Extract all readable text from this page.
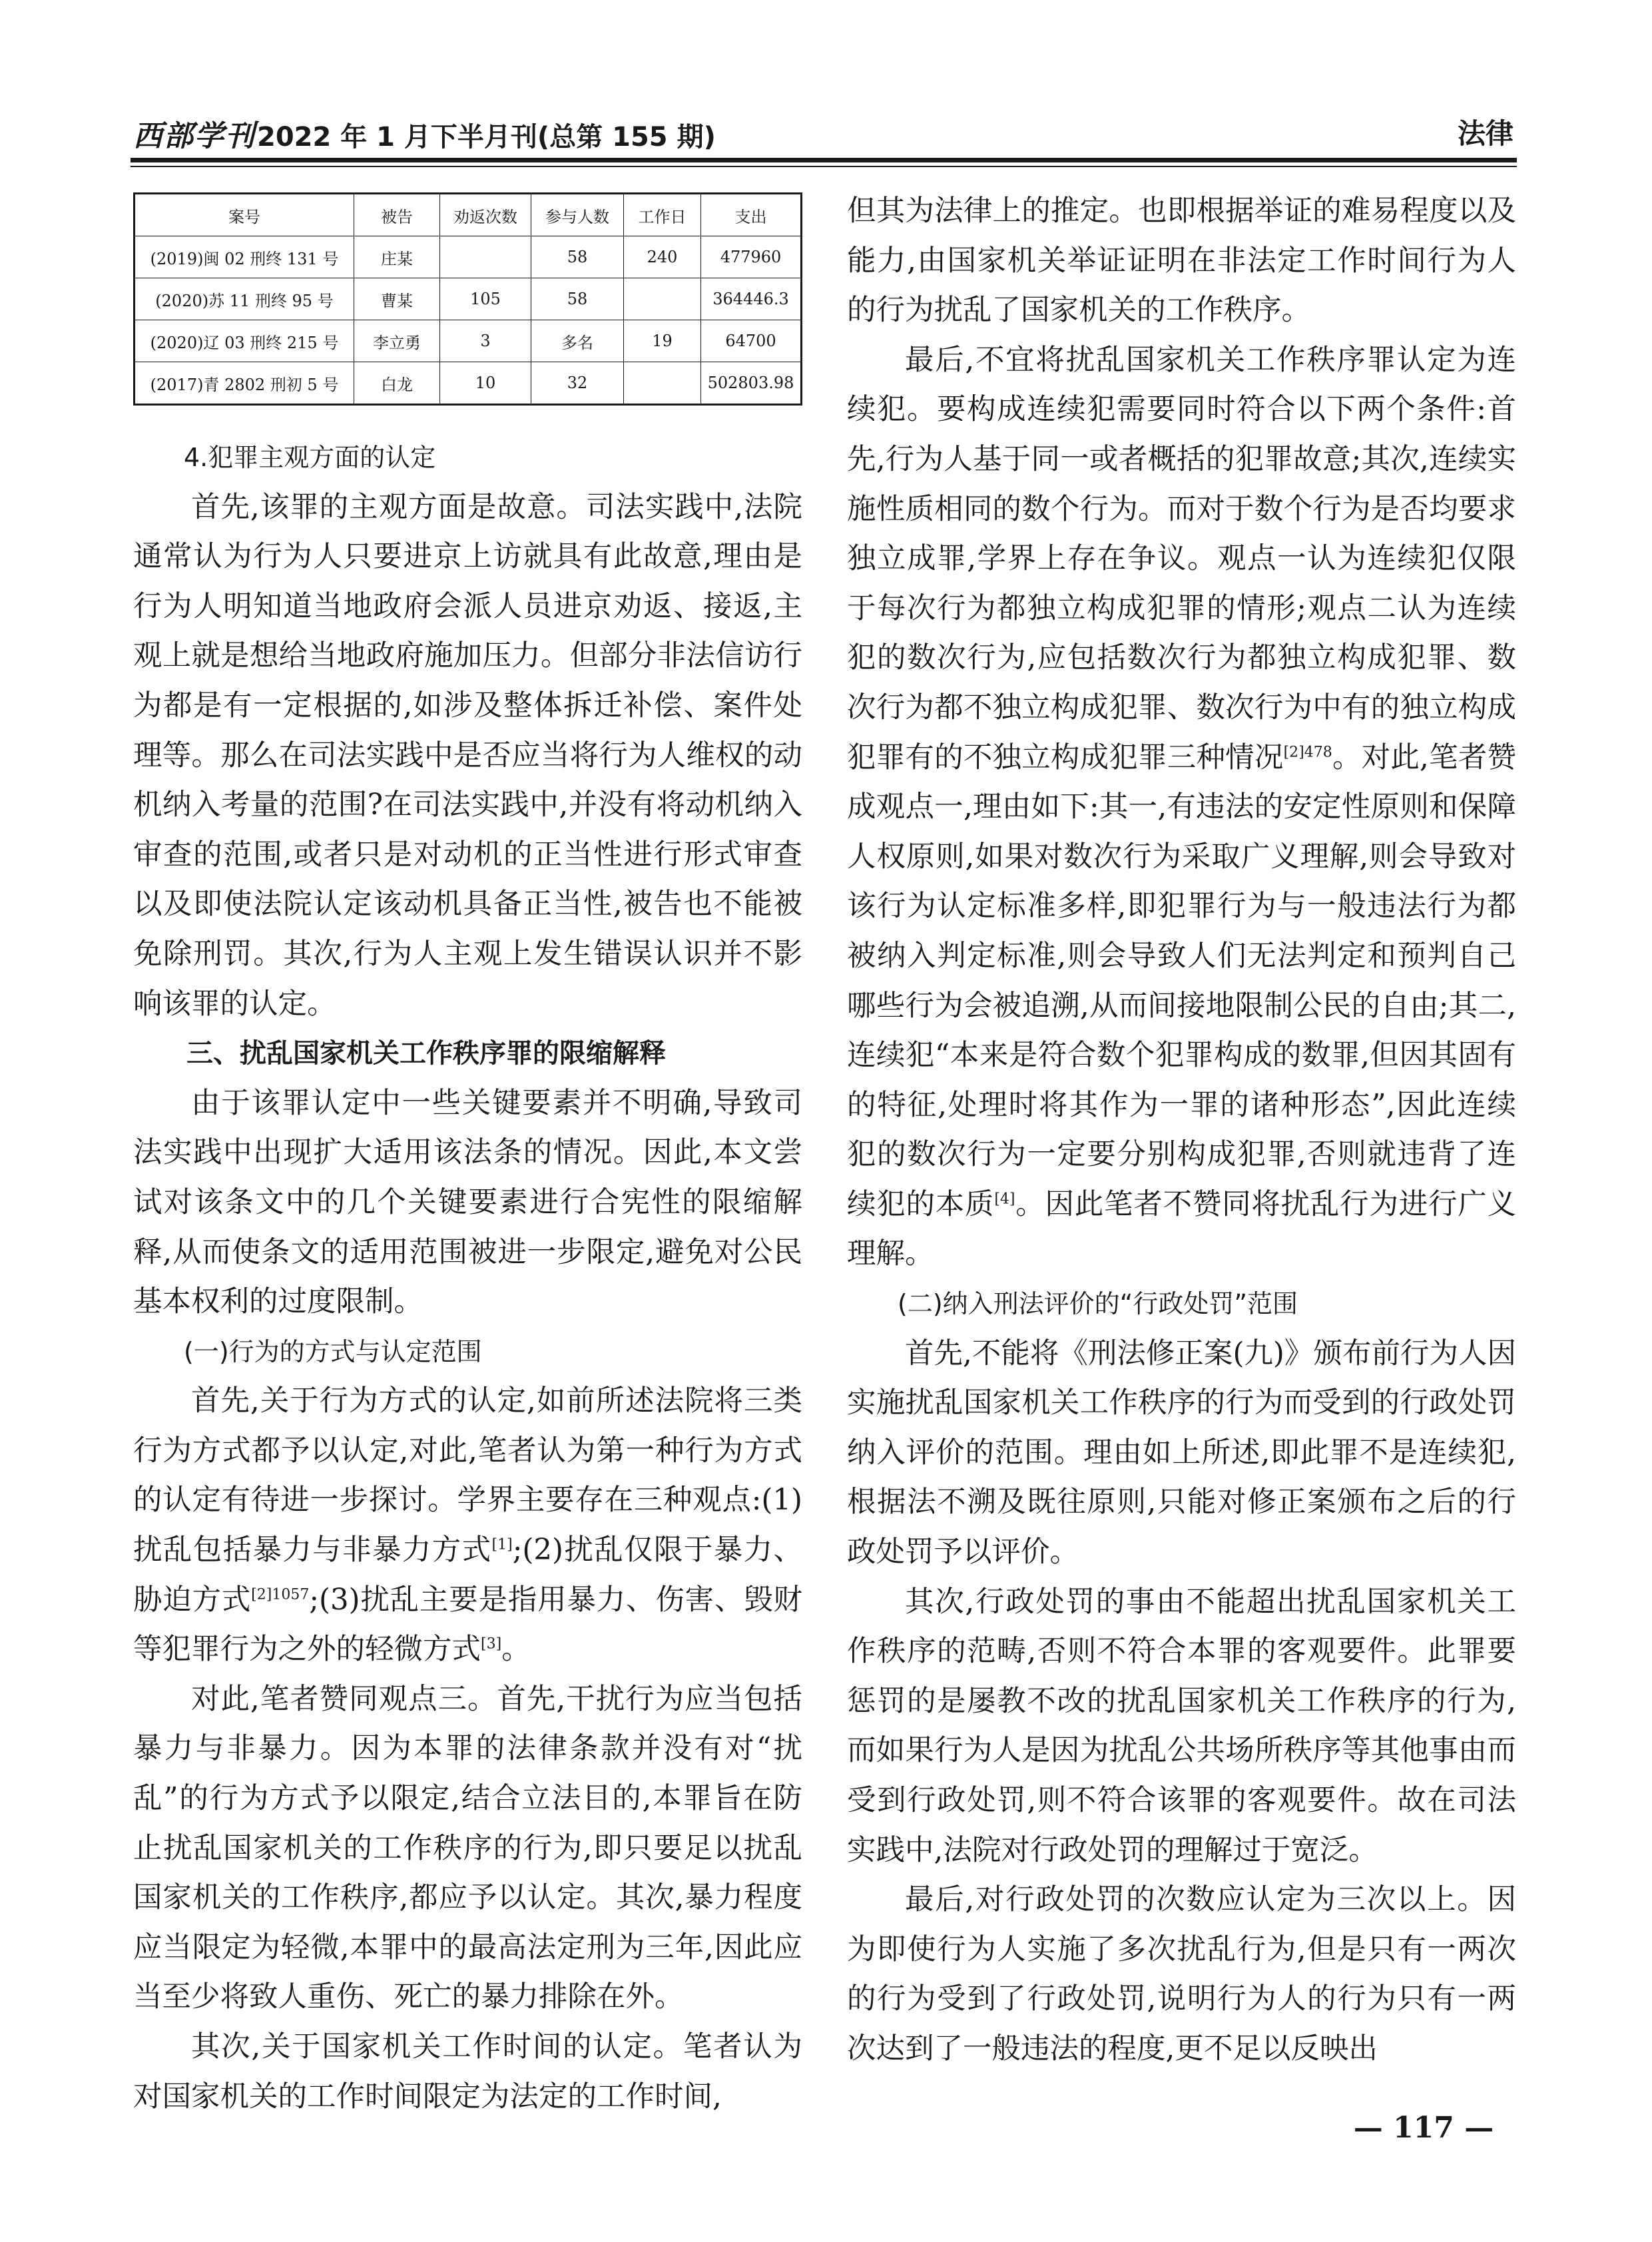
西部学刊 2022 年 1 月下半月刊(总第 155 期)	法律
案号	被告	劝返次数	参与人数	工作日	支出
(2019)闽 02 刑终 131 号	庄某		58	240	477960
(2020)苏 11 刑终 95 号	曹某	105	58		364446.3
(2020)辽 03 刑终 215 号	李立勇	3	多名	19	64700
(2017)青 2802 刑初 5 号	白龙	10	32		502803.98

4.犯罪主观方面的认定

首先,该罪的主观方面是故意。司法实践中,法院通常认为行为人只要进京上访就具有此故意,理由是行为人明知道当地政府会派人员进京劝返、接返,主观上就是想给当地政府施加压力。但部分非法信访行为都是有一定根据的,如涉及整体拆迁补偿、案件处理等。那么在司法实践中是否应当将行为人维权的动机纳入考量的范围?在司法实践中,并没有将动机纳入审查的范围,或者只是对动机的正当性进行形式审查以及即使法院认定该动机具备正当性,被告也不能被免除刑罚。其次,行为人主观上发生错误认识并不影响该罪的认定。

三、扰乱国家机关工作秩序罪的限缩解释

由于该罪认定中一些关键要素并不明确,导致司法实践中出现扩大适用该法条的情况。因此,本文尝试对该条文中的几个关键要素进行合宪性的限缩解释,从而使条文的适用范围被进一步限定,避免对公民基本权利的过度限制。

(一)行为的方式与认定范围

首先,关于行为方式的认定,如前所述法院将三类行为方式都予以认定,对此,笔者认为第一种行为方式的认定有待进一步探讨。学界主要存在三种观点:(1)扰乱包括暴力与非暴力方式[1];(2)扰乱仅限于暴力、胁迫方式$^{[2]1057}$;(3)扰乱主要是指用暴力、伤害、毁财等犯罪行为之外的轻微方式[3]。

对此,笔者赞同观点三。首先,干扰行为应当包括暴力与非暴力。因为本罪的法律条款并没有对“扰乱”的行为方式予以限定,结合立法目的,本罪旨在防止扰乱国家机关的工作秩序的行为,即只要足以扰乱国家机关的工作秩序,都应予以认定。其次,暴力程度应当限定为轻微,本罪中的最高法定刑为三年,因此应当至少将致人重伤、死亡的暴力排除在外。

其次,关于国家机关工作时间的认定。笔者认为对国家机关的工作时间限定为法定的工作时间,

但其为法律上的推定。也即根据举证的难易程度以及能力,由国家机关举证证明在非法定工作时间行为人的行为扰乱了国家机关的工作秩序。

最后,不宜将扰乱国家机关工作秩序罪认定为连续犯。要构成连续犯需要同时符合以下两个条件:首先,行为人基于同一或者概括的犯罪故意;其次,连续实施性质相同的数个行为。而对于数个行为是否均要求独立成罪,学界上存在争议。观点一认为连续犯仅限于每次行为都独立构成犯罪的情形;观点二认为连续犯的数次行为,应包括数次行为都独立构成犯罪、数次行为都不独立构成犯罪、数次行为中有的独立构成犯罪有的不独立构成犯罪三种情况$^{[2]478}$。对此,笔者赞成观点一,理由如下:其一,有违法的安定性原则和保障人权原则,如果对数次行为采取广义理解,则会导致对该行为认定标准多样,即犯罪行为与一般违法行为都被纳入判定标准,则会导致人们无法判定和预判自己哪些行为会被追溯,从而间接地限制公民的自由;其二,连续犯“本来是符合数个犯罪构成的数罪,但因其固有的特征,处理时将其作为一罪的诸种形态”,因此连续犯的数次行为一定要分别构成犯罪,否则就违背了连续犯的本质[4]。因此笔者不赞同将扰乱行为进行广义理解。

(二)纳入刑法评价的“行政处罚”范围

首先,不能将《刑法修正案(九)》颁布前行为人因实施扰乱国家机关工作秩序的行为而受到的行政处罚纳入评价的范围。理由如上所述,即此罪不是连续犯,根据法不溯及既往原则,只能对修正案颁布之后的行政处罚予以评价。

其次,行政处罚的事由不能超出扰乱国家机关工作秩序的范畴,否则不符合本罪的客观要件。此罪要惩罚的是屡教不改的扰乱国家机关工作秩序的行为,而如果行为人是因为扰乱公共场所秩序等其他事由而受到行政处罚,则不符合该罪的客观要件。故在司法实践中,法院对行政处罚的理解过于宽泛。

最后,对行政处罚的次数应认定为三次以上。因为即使行为人实施了多次扰乱行为,但是只有一两次的行为受到了行政处罚,说明行为人的行为只有一两次达到了一般违法的程度,更不足以反映出

— 117 —
